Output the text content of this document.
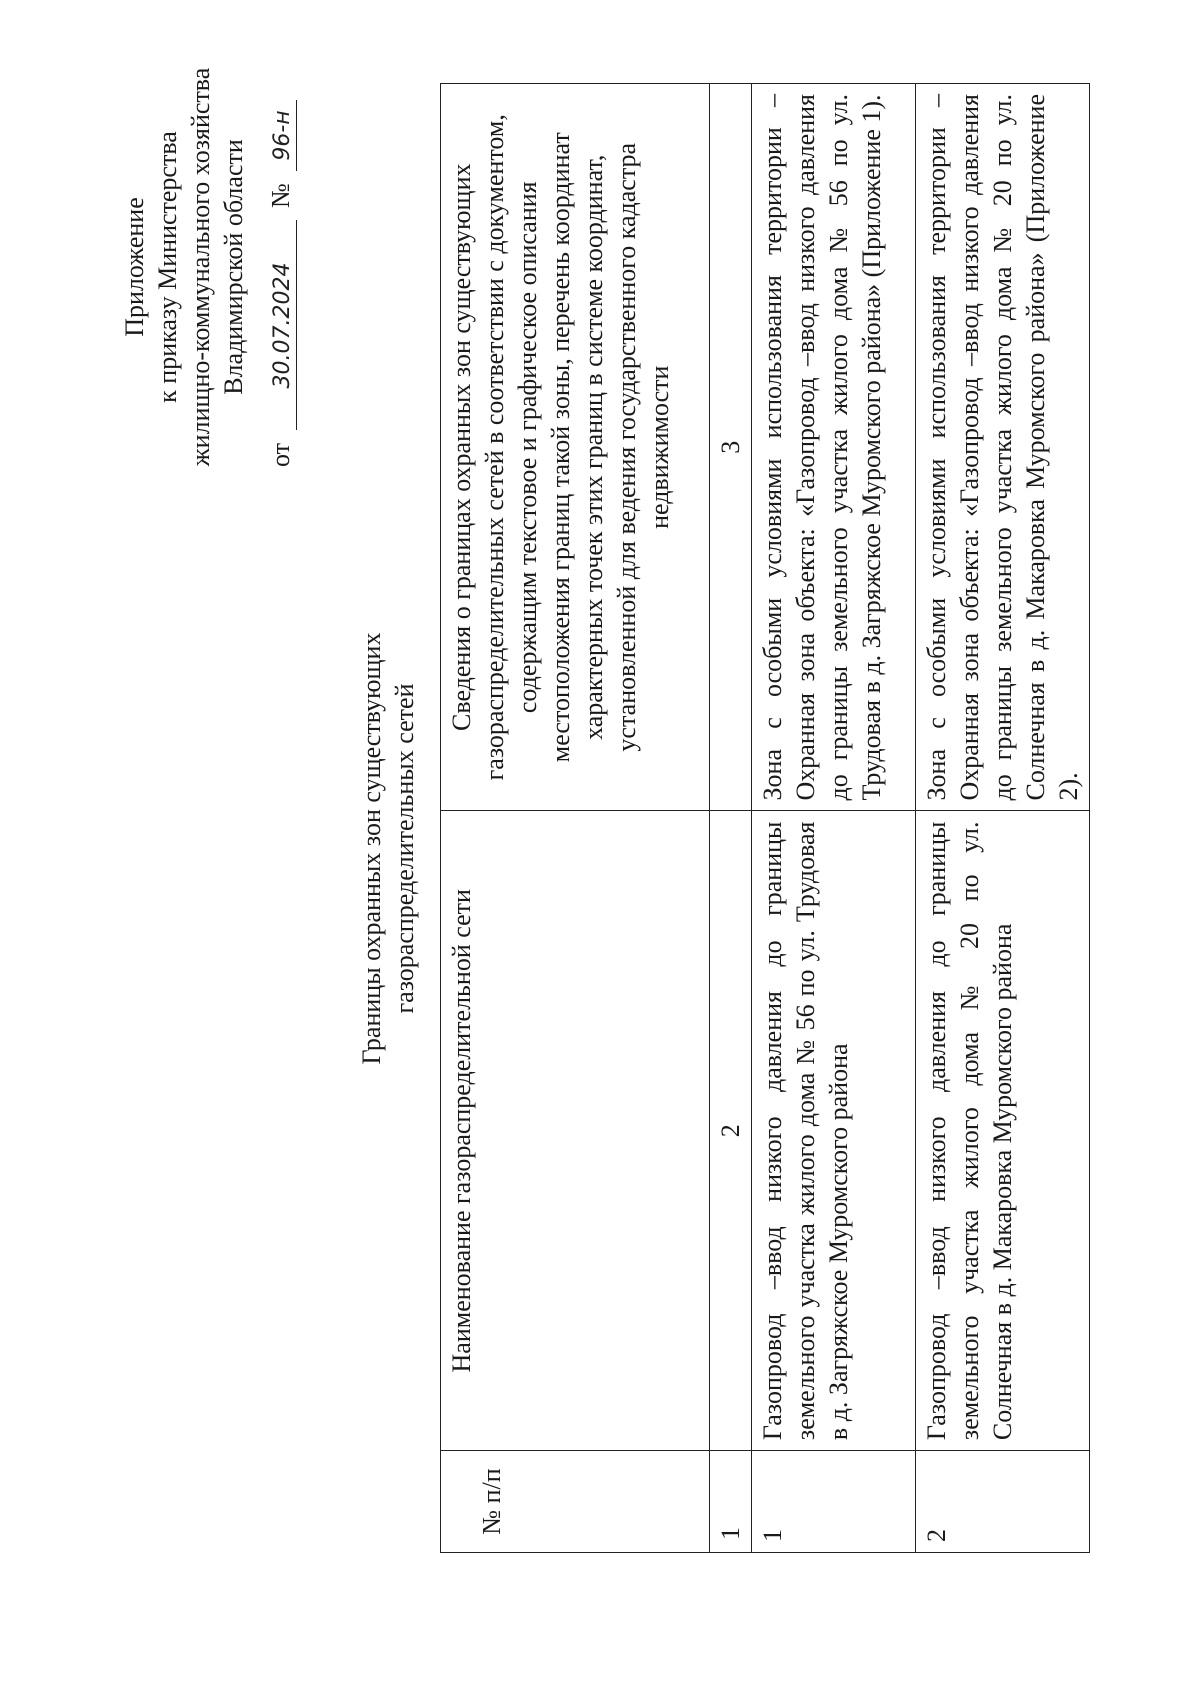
Приложение к приказу Министерства жилищно-коммунального хозяйства Владимирской области
от 30.07.2024 № 96-н
Границы охранных зон существующих газораспределительных сетей
№ п/п	Наименование газораспределительной сети	Сведения о границах охранных зон существующих газораспределительных сетей в соответствии с документом, содержащим текстовое и графическое описания местоположения границ такой зоны, перечень координат характерных точек этих границ в системе координат, установленной для ведения государственного кадастра недвижимости
1	2	3
1	Газопровод –ввод низкого давления до границы земельного участка жилого дома № 56 по ул. Трудовая в д. Загряжское Муромского района	Зона с особыми условиями использования территории – Охранная зона объекта: «Газопровод –ввод низкого давления до границы земельного участка жилого дома № 56 по ул. Трудовая в д. Загряжское Муромского района» (Приложение 1).
2	Газопровод –ввод низкого давления до границы земельного участка жилого дома № 20 по ул. Солнечная в д. Макаровка Муромского района	Зона с особыми условиями использования территории – Охранная зона объекта: «Газопровод –ввод низкого давления до границы земельного участка жилого дома № 20 по ул. Солнечная в д. Макаровка Муромского района» (Приложение 2).
